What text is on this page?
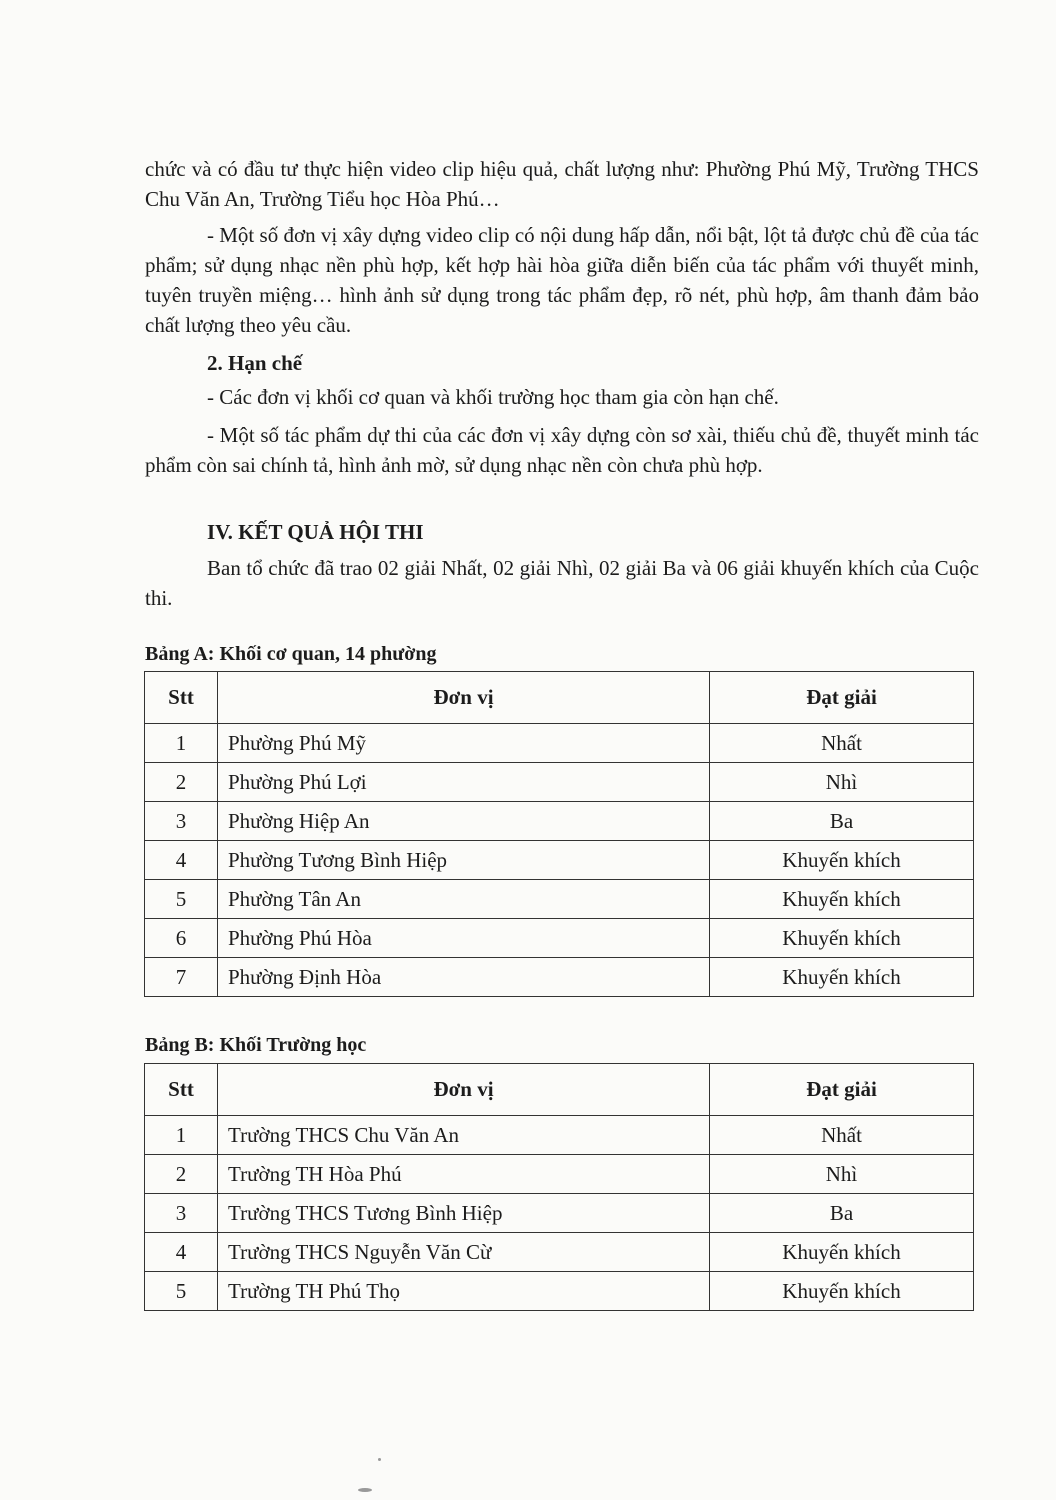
chức và có đầu tư thực hiện video clip hiệu quả, chất lượng như: Phường Phú Mỹ, Trường THCS Chu Văn An, Trường Tiểu học Hòa Phú…
- Một số đơn vị xây dựng video clip có nội dung hấp dẫn, nổi bật, lột tả được chủ đề của tác phẩm; sử dụng nhạc nền phù hợp, kết hợp hài hòa giữa diễn biến của tác phẩm với thuyết minh, tuyên truyền miệng… hình ảnh sử dụng trong tác phẩm đẹp, rõ nét, phù hợp, âm thanh đảm bảo chất lượng theo yêu cầu.
2. Hạn chế
- Các đơn vị khối cơ quan và khối trường học tham gia còn hạn chế.
- Một số tác phẩm dự thi của các đơn vị xây dựng còn sơ xài, thiếu chủ đề, thuyết minh tác phẩm còn sai chính tả, hình ảnh mờ, sử dụng nhạc nền còn chưa phù hợp.
IV. KẾT QUẢ HỘI THI
Ban tổ chức đã trao 02 giải Nhất, 02 giải Nhì, 02 giải Ba và 06 giải khuyến khích của Cuộc thi.
Bảng A: Khối cơ quan, 14 phường
Stt	Đơn vị	Đạt giải
1	Phường Phú Mỹ	Nhất
2	Phường Phú Lợi	Nhì
3	Phường Hiệp An	Ba
4	Phường Tương Bình Hiệp	Khuyến khích
5	Phường Tân An	Khuyến khích
6	Phường Phú Hòa	Khuyến khích
7	Phường Định Hòa	Khuyến khích
Bảng B: Khối Trường học
Stt	Đơn vị	Đạt giải
1	Trường THCS Chu Văn An	Nhất
2	Trường TH Hòa Phú	Nhì
3	Trường THCS Tương Bình Hiệp	Ba
4	Trường THCS Nguyễn Văn Cừ	Khuyến khích
5	Trường TH Phú Thọ	Khuyến khích
